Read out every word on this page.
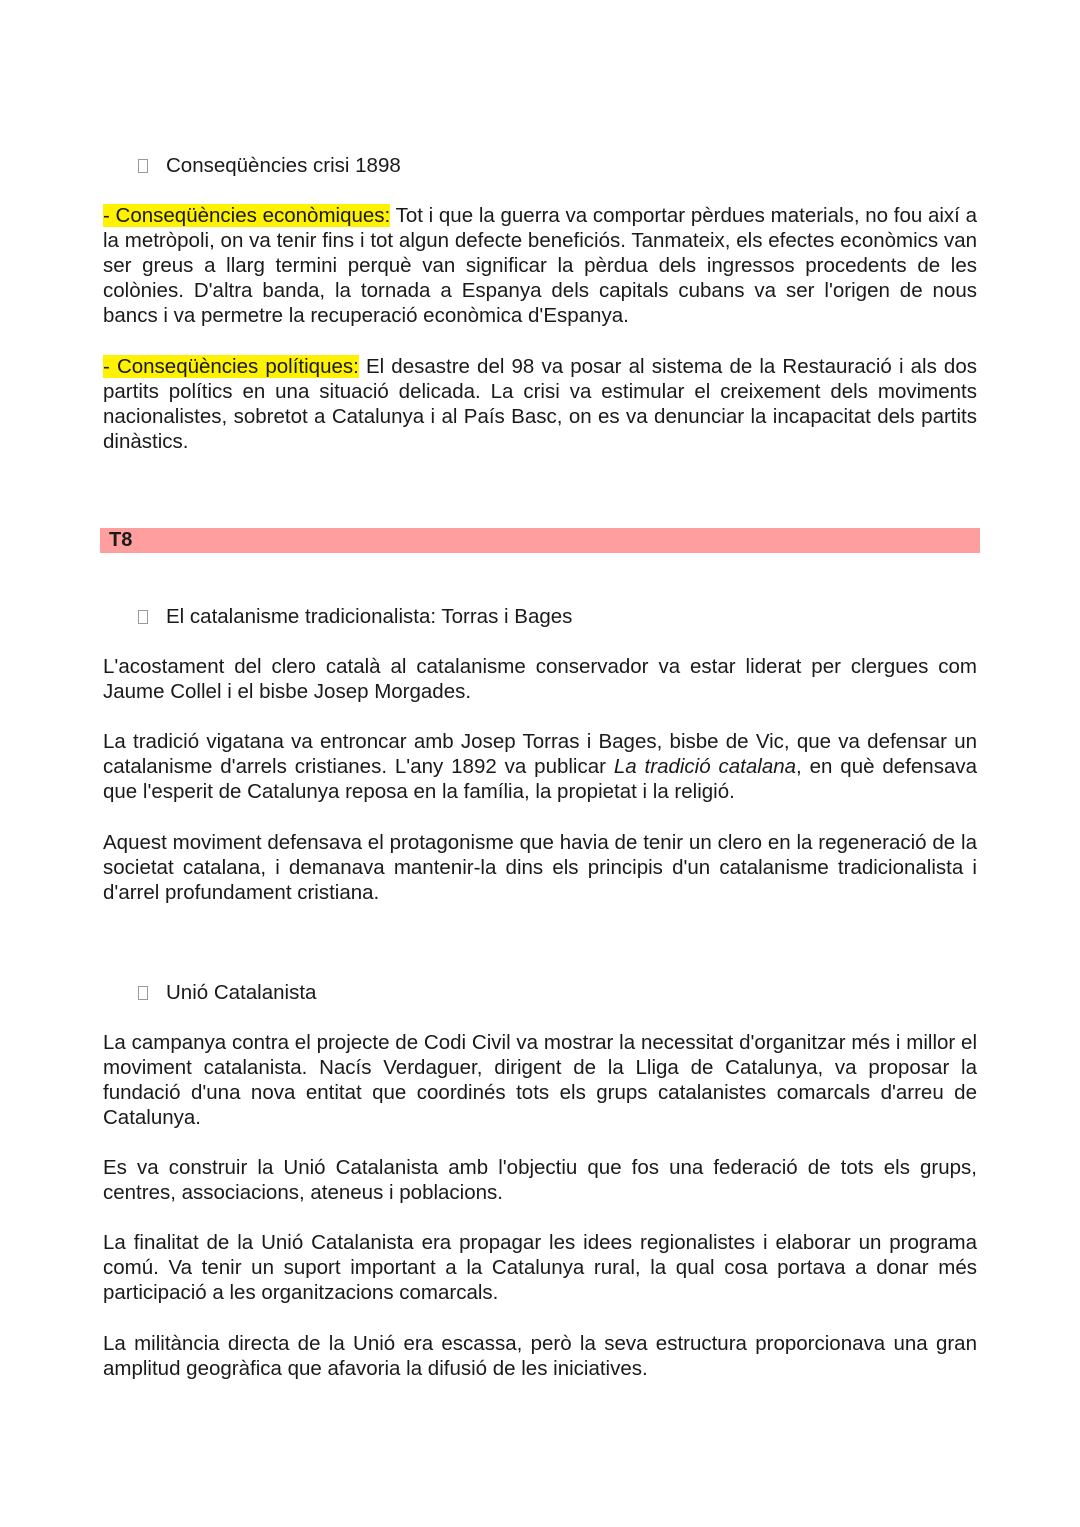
Conseqüències crisi 1898

- Conseqüències econòmiques: Tot i que la guerra va comportar pèrdues materials, no fou així a la metròpoli, on va tenir fins i tot algun defecte beneficiós. Tanmateix, els efectes econòmics van ser greus a llarg termini perquè van significar la pèrdua dels ingressos procedents de les colònies. D'altra banda, la tornada a Espanya dels capitals cubans va ser l'origen de nous bancs i va permetre la recuperació econòmica d'Espanya.

- Conseqüències polítiques: El desastre del 98 va posar al sistema de la Restauració i als dos partits polítics en una situació delicada. La crisi va estimular el creixement dels moviments nacionalistes, sobretot a Catalunya i al País Basc, on es va denunciar la incapacitat dels partits dinàstics.

T8
El catalanisme tradicionalista: Torras i Bages

L'acostament del clero català al catalanisme conservador va estar liderat per clergues com Jaume Collel i el bisbe Josep Morgades.

La tradició vigatana va entroncar amb Josep Torras i Bages, bisbe de Vic, que va defensar un catalanisme d'arrels cristianes. L'any 1892 va publicar La tradició catalana, en què defensava que l'esperit de Catalunya reposa en la família, la propietat i la religió.

Aquest moviment defensava el protagonisme que havia de tenir un clero en la regeneració de la societat catalana, i demanava mantenir-la dins els principis d'un catalanisme tradicionalista i d'arrel profundament cristiana.

Unió Catalanista

La campanya contra el projecte de Codi Civil va mostrar la necessitat d'organitzar més i millor el moviment catalanista. Nacís Verdaguer, dirigent de la Lliga de Catalunya, va proposar la fundació d'una nova entitat que coordinés tots els grups catalanistes comarcals d'arreu de Catalunya.

Es va construir la Unió Catalanista amb l'objectiu que fos una federació de tots els grups, centres, associacions, ateneus i poblacions.

La finalitat de la Unió Catalanista era propagar les idees regionalistes i elaborar un programa comú. Va tenir un suport important a la Catalunya rural, la qual cosa portava a donar més participació a les organitzacions comarcals.

La militància directa de la Unió era escassa, però la seva estructura proporcionava una gran amplitud geogràfica que afavoria la difusió de les iniciatives.
